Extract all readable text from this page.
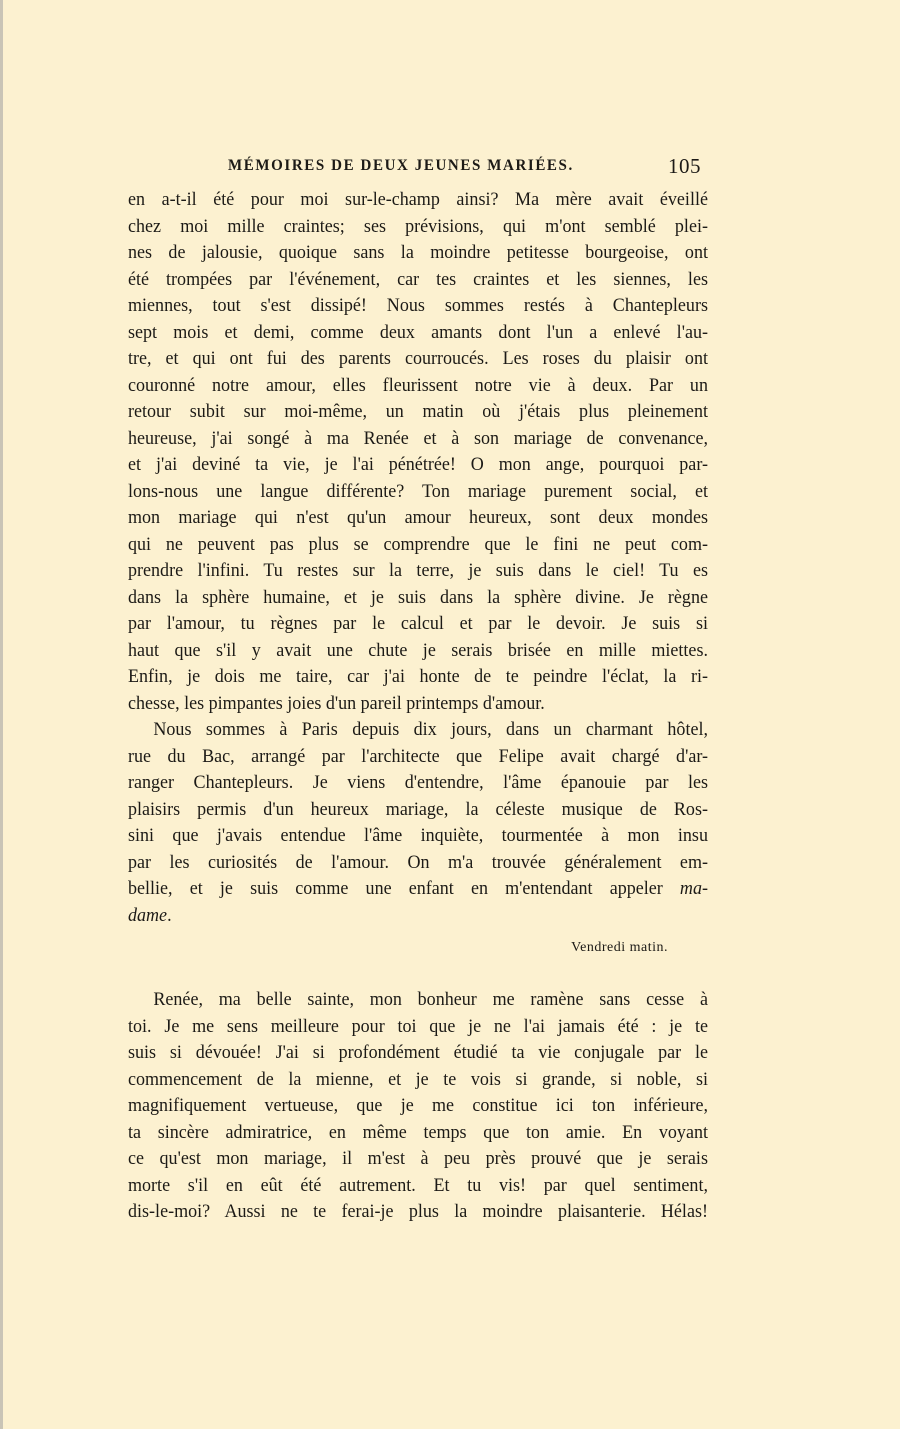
MÉMOIRES DE DEUX JEUNES MARIÉES.	105
en a-t-il été pour moi sur-le-champ ainsi? Ma mère avait éveillé
chez moi mille craintes; ses prévisions, qui m'ont semblé plei-
nes de jalousie, quoique sans la moindre petitesse bourgeoise, ont
été trompées par l'événement, car tes craintes et les siennes, les
miennes, tout s'est dissipé! Nous sommes restés à Chantepleurs
sept mois et demi, comme deux amants dont l'un a enlevé l'au-
tre, et qui ont fui des parents courroucés. Les roses du plaisir ont
couronné notre amour, elles fleurissent notre vie à deux. Par un
retour subit sur moi-même, un matin où j'étais plus pleinement
heureuse, j'ai songé à ma Renée et à son mariage de convenance,
et j'ai deviné ta vie, je l'ai pénétrée! O mon ange, pourquoi par-
lons-nous une langue différente? Ton mariage purement social, et
mon mariage qui n'est qu'un amour heureux, sont deux mondes
qui ne peuvent pas plus se comprendre que le fini ne peut com-
prendre l'infini. Tu restes sur la terre, je suis dans le ciel! Tu es
dans la sphère humaine, et je suis dans la sphère divine. Je règne
par l'amour, tu règnes par le calcul et par le devoir. Je suis si
haut que s'il y avait une chute je serais brisée en mille miettes.
Enfin, je dois me taire, car j'ai honte de te peindre l'éclat, la ri-
chesse, les pimpantes joies d'un pareil printemps d'amour.
Nous sommes à Paris depuis dix jours, dans un charmant hôtel,
rue du Bac, arrangé par l'architecte que Felipe avait chargé d'ar-
ranger Chantepleurs. Je viens d'entendre, l'âme épanouie par les
plaisirs permis d'un heureux mariage, la céleste musique de Ros-
sini que j'avais entendue l'âme inquiète, tourmentée à mon insu
par les curiosités de l'amour. On m'a trouvée généralement em-
bellie, et je suis comme une enfant en m'entendant appeler ma-
dame.
Vendredi matin.
Renée, ma belle sainte, mon bonheur me ramène sans cesse à
toi. Je me sens meilleure pour toi que je ne l'ai jamais été : je te
suis si dévouée! J'ai si profondément étudié ta vie conjugale par le
commencement de la mienne, et je te vois si grande, si noble, si
magnifiquement vertueuse, que je me constitue ici ton inférieure,
ta sincère admiratrice, en même temps que ton amie. En voyant
ce qu'est mon mariage, il m'est à peu près prouvé que je serais
morte s'il en eût été autrement. Et tu vis! par quel sentiment,
dis-le-moi? Aussi ne te ferai-je plus la moindre plaisanterie. Hélas!
